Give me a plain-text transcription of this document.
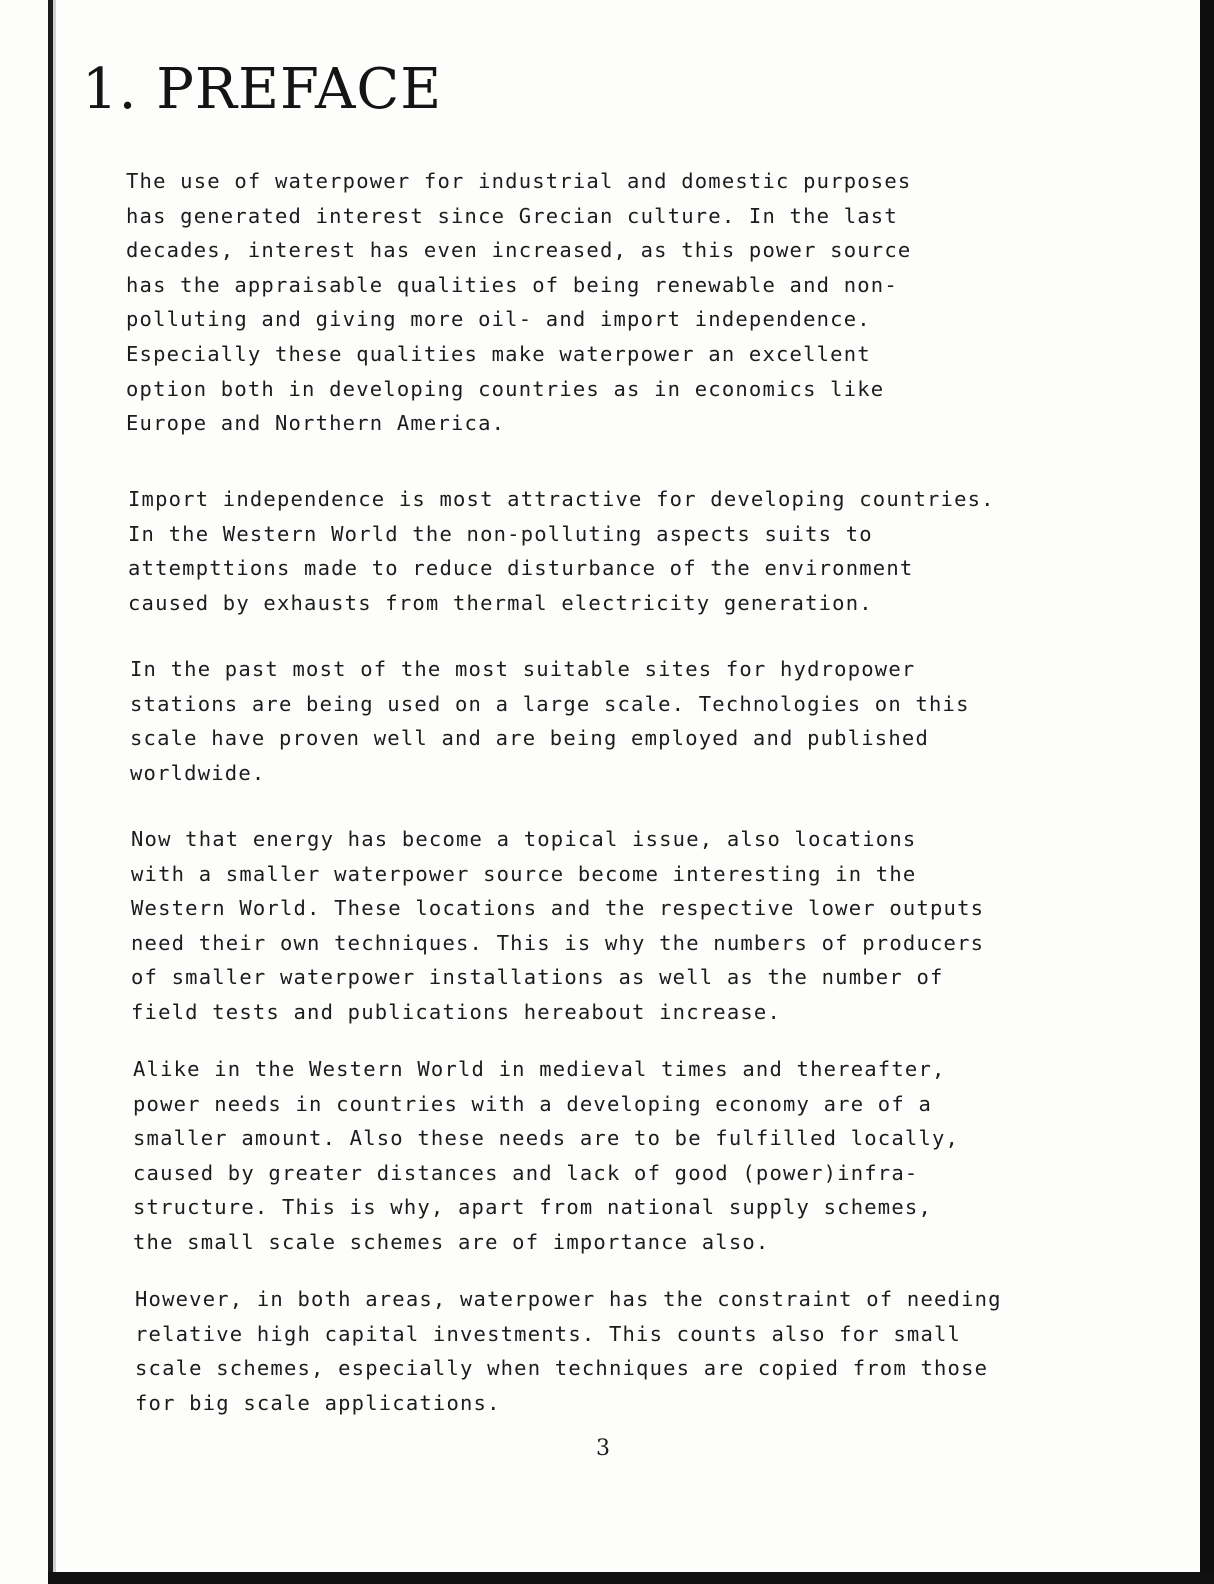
1. PREFACE
The use of waterpower for industrial and domestic purposes
has generated interest since Grecian culture. In the last
decades, interest has even increased, as this power source
has the appraisable qualities of being renewable and non-
polluting and giving more oil- and import independence.
Especially these qualities make waterpower an excellent
option both in developing countries as in economics like
Europe and Northern America.
Import independence is most attractive for developing countries.
In the Western World the non-polluting aspects suits to
attempttions made to reduce disturbance of the environment
caused by exhausts from thermal electricity generation.
In the past most of the most suitable sites for hydropower
stations are being used on a large scale. Technologies on this
scale have proven well and are being employed and published
worldwide.
Now that energy has become a topical issue, also locations
with a smaller waterpower source become interesting in the
Western World. These locations and the respective lower outputs
need their own techniques. This is why the numbers of producers
of smaller waterpower installations as well as the number of
field tests and publications hereabout increase.
Alike in the Western World in medieval times and thereafter,
power needs in countries with a developing economy are of a
smaller amount. Also these needs are to be fulfilled locally,
caused by greater distances and lack of good (power)infra-
structure. This is why, apart from national supply schemes,
the small scale schemes are of importance also.
However, in both areas, waterpower has the constraint of needing
relative high capital investments. This counts also for small
scale schemes, especially when techniques are copied from those
for big scale applications.
3
